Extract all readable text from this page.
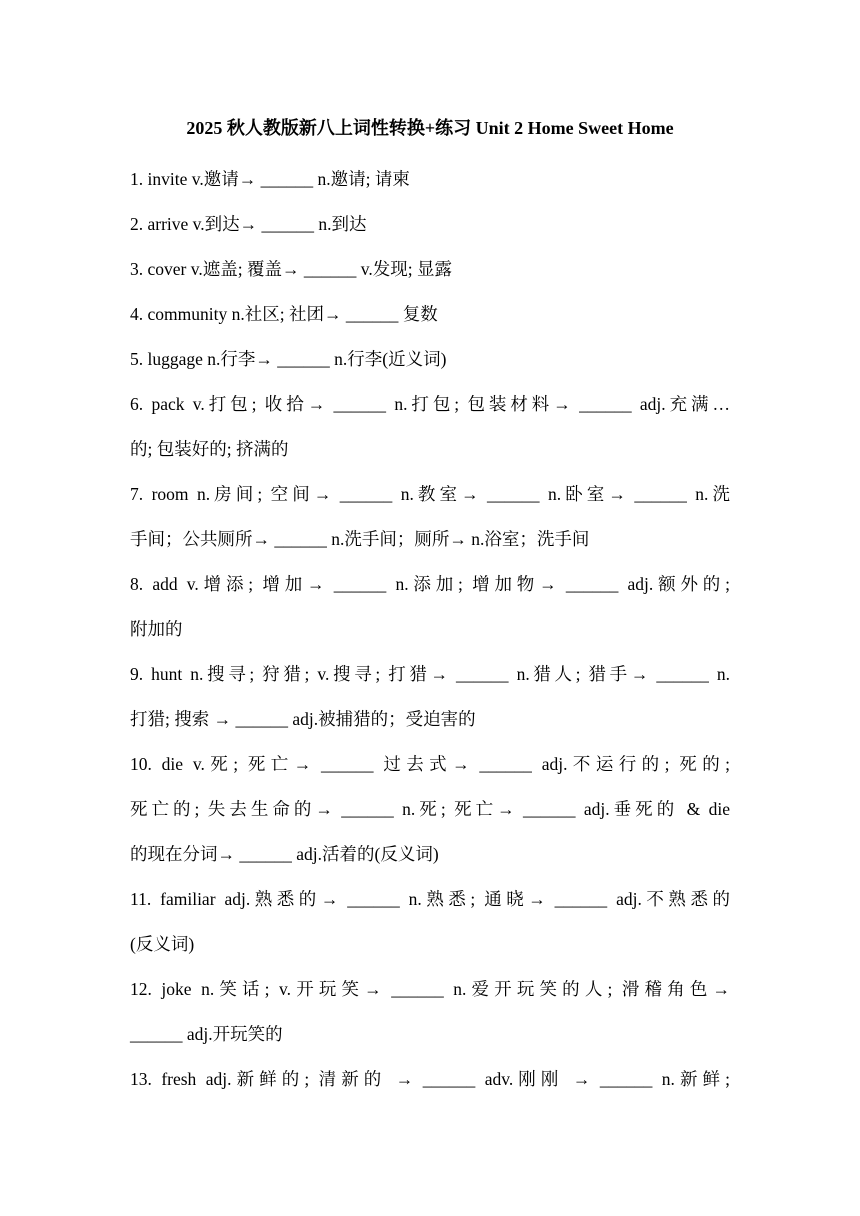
2025 秋人教版新八上词性转换+练习 Unit 2 Home Sweet Home
1. invite v.邀请→ ______ n.邀请; 请柬
2. arrive v.到达→ ______ n.到达
3. cover v.遮盖; 覆盖→ ______ v.发现; 显露
4. community n.社区; 社团→ ______ 复数
5. luggage n.行李→ ______ n.行李(近义词)
6. pack v.打包; 收拾→ ______ n.打包; 包装材料→ ______ adj.充满…
的; 包装好的; 挤满的
7. room n.房间; 空间→ ______ n.教室→ ______ n.卧室→ ______ n.洗
手间；公共厕所→ ______ n.洗手间；厕所→ n.浴室；洗手间
8. add v.增添; 增加→ ______ n.添加; 增加物→ ______ adj.额外的;
附加的
9. hunt n.搜寻; 狩猎; v.搜寻; 打猎→ ______ n.猎人; 猎手→ ______ n.
打猎; 搜索 → ______ adj.被捕猎的；受迫害的
10. die v.死; 死亡→ ______ 过去式→ ______ adj.不运行的; 死的;
死亡的; 失去生命的→ ______ n.死; 死亡→ ______ adj.垂死的 & die
的现在分词→ ______ adj.活着的(反义词)
11. familiar adj.熟悉的→ ______ n.熟悉; 通晓→ ______ adj.不熟悉的
(反义词)
12. joke n.笑话; v.开玩笑→ ______ n.爱开玩笑的人; 滑稽角色→
______ adj.开玩笑的
13. fresh adj.新鲜的; 清新的 → ______ adv.刚刚 → ______ n.新鲜;
